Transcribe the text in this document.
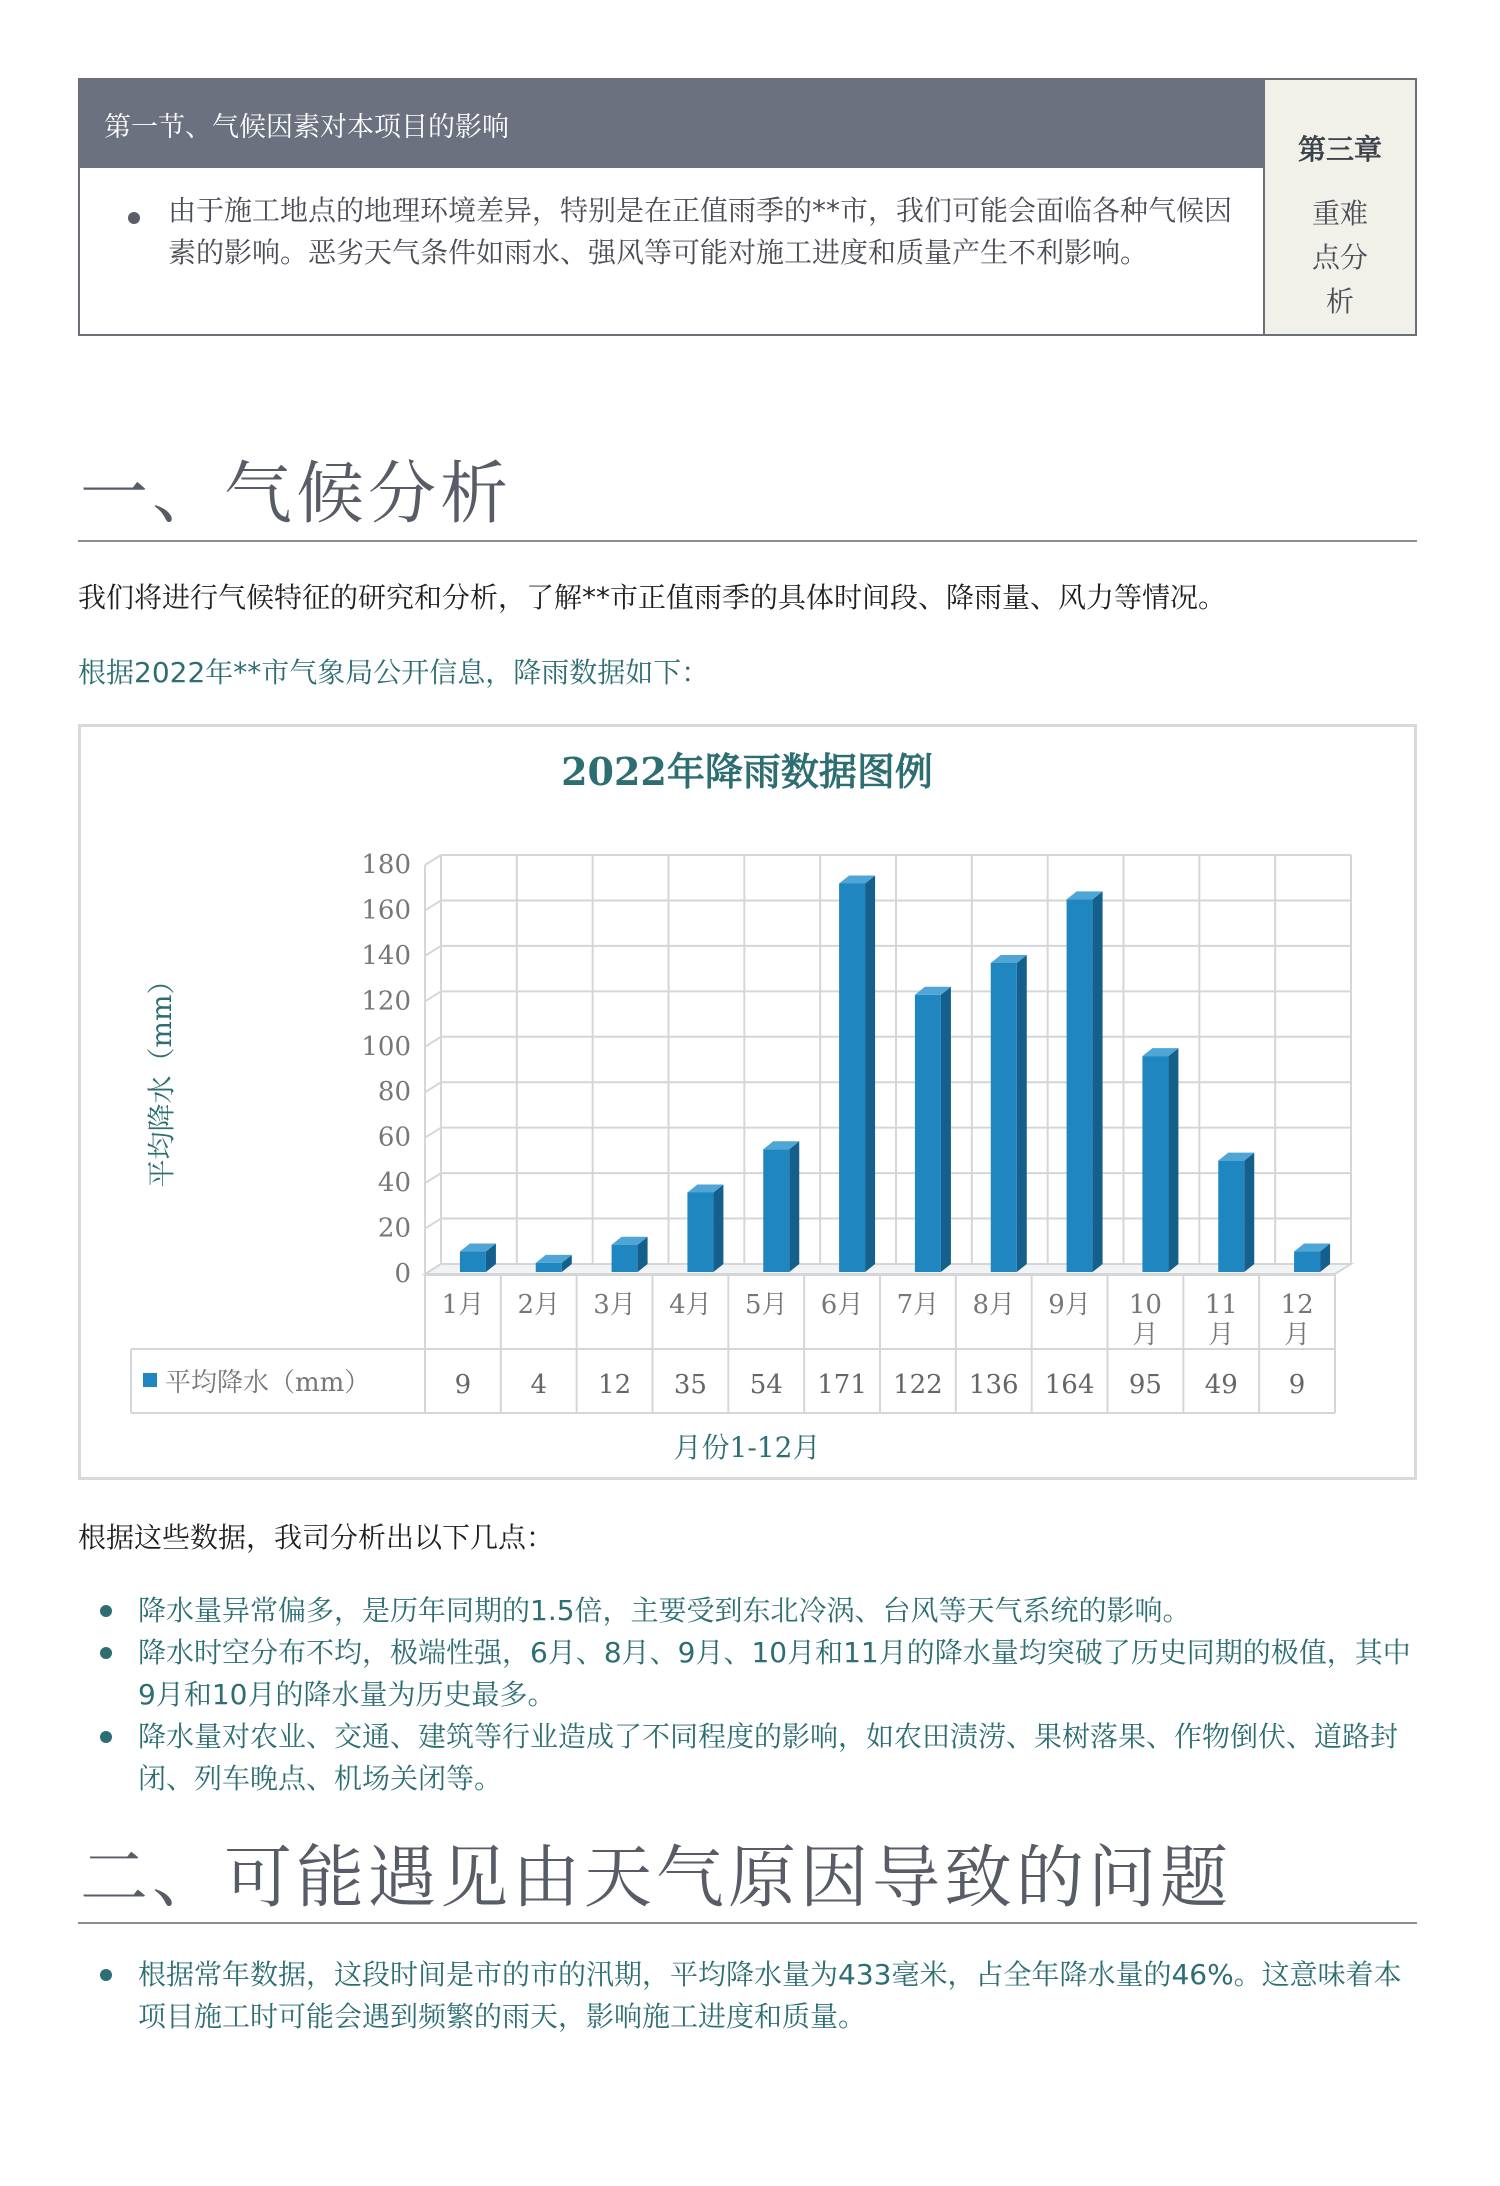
第一节、气候因素对本项目的影响

由于施工地点的地理环境差异，特别是在正值雨季的**市，我们可能会面临各种气候因素的影响。恶劣天气条件如雨水、强风等可能对施工进度和质量产生不利影响。

第三章
重难点分析
一、气候分析
我们将进行气候特征的研究和分析，了解**市正值雨季的具体时间段、降雨量、风力等情况。
根据2022年**市气象局公开信息，降雨数据如下：
2022年降雨数据图例
0
20
40
60
80
100
120
140
160
180
1月
9
2月
4
3月
12
4月
35
5月
54
6月
171
7月
122
8月
136
9月
164
10
月
95
11
月
49
12
月
9
平均降水（mm）
月份1-12月
平均降水（mm）
根据这些数据，我司分析出以下几点：
降水量异常偏多，是历年同期的1.5倍，主要受到东北冷涡、台风等天气系统的影响。
降水时空分布不均，极端性强，6月、8月、9月、10月和11月的降水量均突破了历史同期的极值，其中9月和10月的降水量为历史最多。
降水量对农业、交通、建筑等行业造成了不同程度的影响，如农田渍涝、果树落果、作物倒伏、道路封闭、列车晚点、机场关闭等。
二、可能遇见由天气原因导致的问题
根据常年数据，这段时间是市的市的汛期，平均降水量为433毫米，占全年降水量的46%。这意味着本项目施工时可能会遇到频繁的雨天，影响施工进度和质量。
